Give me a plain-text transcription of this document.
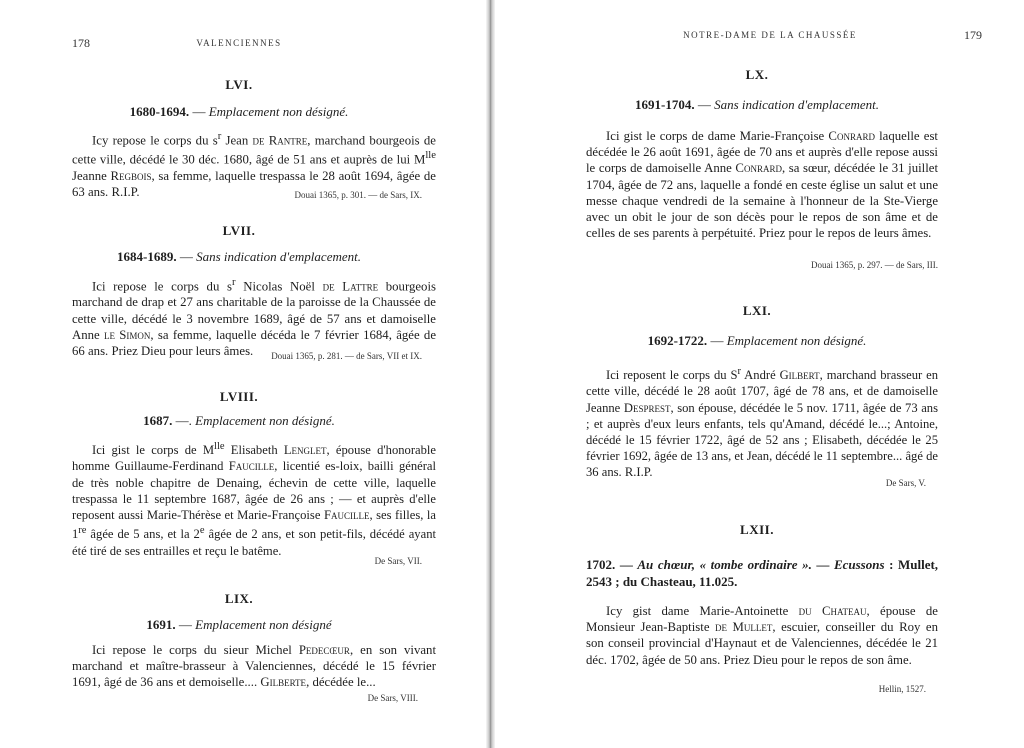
178	VALENCIENNES
LVI.
1680-1694. — Emplacement non désigné.

Icy repose le corps du $s^r$ Jean de Rantre, marchand bourgeois de cette ville, décédé le 30 déc. 1680, âgé de 51 ans et auprès de lui $M^{lle}$ Jeanne Regbois, sa femme, laquelle trespassa le 28 août 1694, âgée de 63 ans. R.I.P.	Douai 1365, p. 301. — de Sars, IX.
LVII.
1684-1689. — Sans indication d'emplacement.

Ici repose le corps du $s^r$ Nicolas Noël de Lattre bourgeois marchand de drap et 27 ans charitable de la paroisse de la Chaussée de cette ville, décédé le 3 novembre 1689, âgé de 57 ans et damoiselle Anne le Simon, sa femme, laquelle décéda le 7 février 1684, âgée de 66 ans. Priez Dieu pour leurs âmes.	Douai 1365, p. 281. — de Sars, VII et IX.
LVIII.
1687. —. Emplacement non désigné.

Ici gist le corps de $M^{lle}$ Elisabeth Lenglet, épouse d'honorable homme Guillaume-Ferdinand Faucille, licentié es-loix, bailli général de très noble chapitre de Denaing, échevin de cette ville, laquelle trespassa le 11 septembre 1687, âgée de 26 ans ; — et auprès d'elle reposent aussi Marie-Thérèse et Marie-Françoise Faucille, ses filles, la 1re âgée de 5 ans, et la 2e âgée de 2 ans, et son petit-fils, décédé ayant été tiré de ses entrailles et reçu le batême.

De Sars, VII.
LIX.
1691. — Emplacement non désigné

Ici repose le corps du sieur Michel Pedecœur, en son vivant marchand et maître-brasseur à Valenciennes, décédé le 15 février 1691, âgé de 36 ans et demoiselle.... Gilberte, décédée le...

De Sars, VIII.
NOTRE-DAME DE LA CHAUSSÉE	179
LX.
1691-1704. — Sans indication d'emplacement.

Ici gist le corps de dame Marie-Françoise Conrard laquelle est décédée le 26 août 1691, âgée de 70 ans et auprès d'elle repose aussi le corps de damoiselle Anne Conrard, sa sœur, décédée le 31 juillet 1704, âgée de 72 ans, laquelle a fondé en ceste église un salut et une messe chaque vendredi de la semaine à l'honneur de la Ste-Vierge avec un obit le jour de son décès pour le repos de son âme et de celles de ses parents à perpétuité. Priez pour le repos de leurs âmes.

Douai 1365, p. 297. — de Sars, III.
LXI.
1692-1722. — Emplacement non désigné.

Ici reposent le corps du $S^r$ André Gilbert, marchand brasseur en cette ville, décédé le 28 août 1707, âgé de 78 ans, et de damoiselle Jeanne Desprest, son épouse, décédée le 5 nov. 1711, âgée de 73 ans ; et auprès d'eux leurs enfants, tels qu'Amand, décédé le...; Antoine, décédé le 15 février 1722, âgé de 52 ans ; Elisabeth, décédée le 25 février 1692, âgée de 13 ans, et Jean, décédé le 11 septembre... âgé de 36 ans. R.I.P.

De Sars, V.
LXII.

1702. — Au chœur, « tombe ordinaire ». — Ecussons : Mullet, 2543 ; du Chasteau, 11.025.

Icy gist dame Marie-Antoinette du Chateau, épouse de Monsieur Jean-Baptiste de Mullet, escuier, conseiller du Roy en son conseil provincial d'Haynaut et de Valenciennes, décédée le 21 déc. 1702, âgée de 50 ans. Priez Dieu pour le repos de son âme.

Hellin, 1527.
